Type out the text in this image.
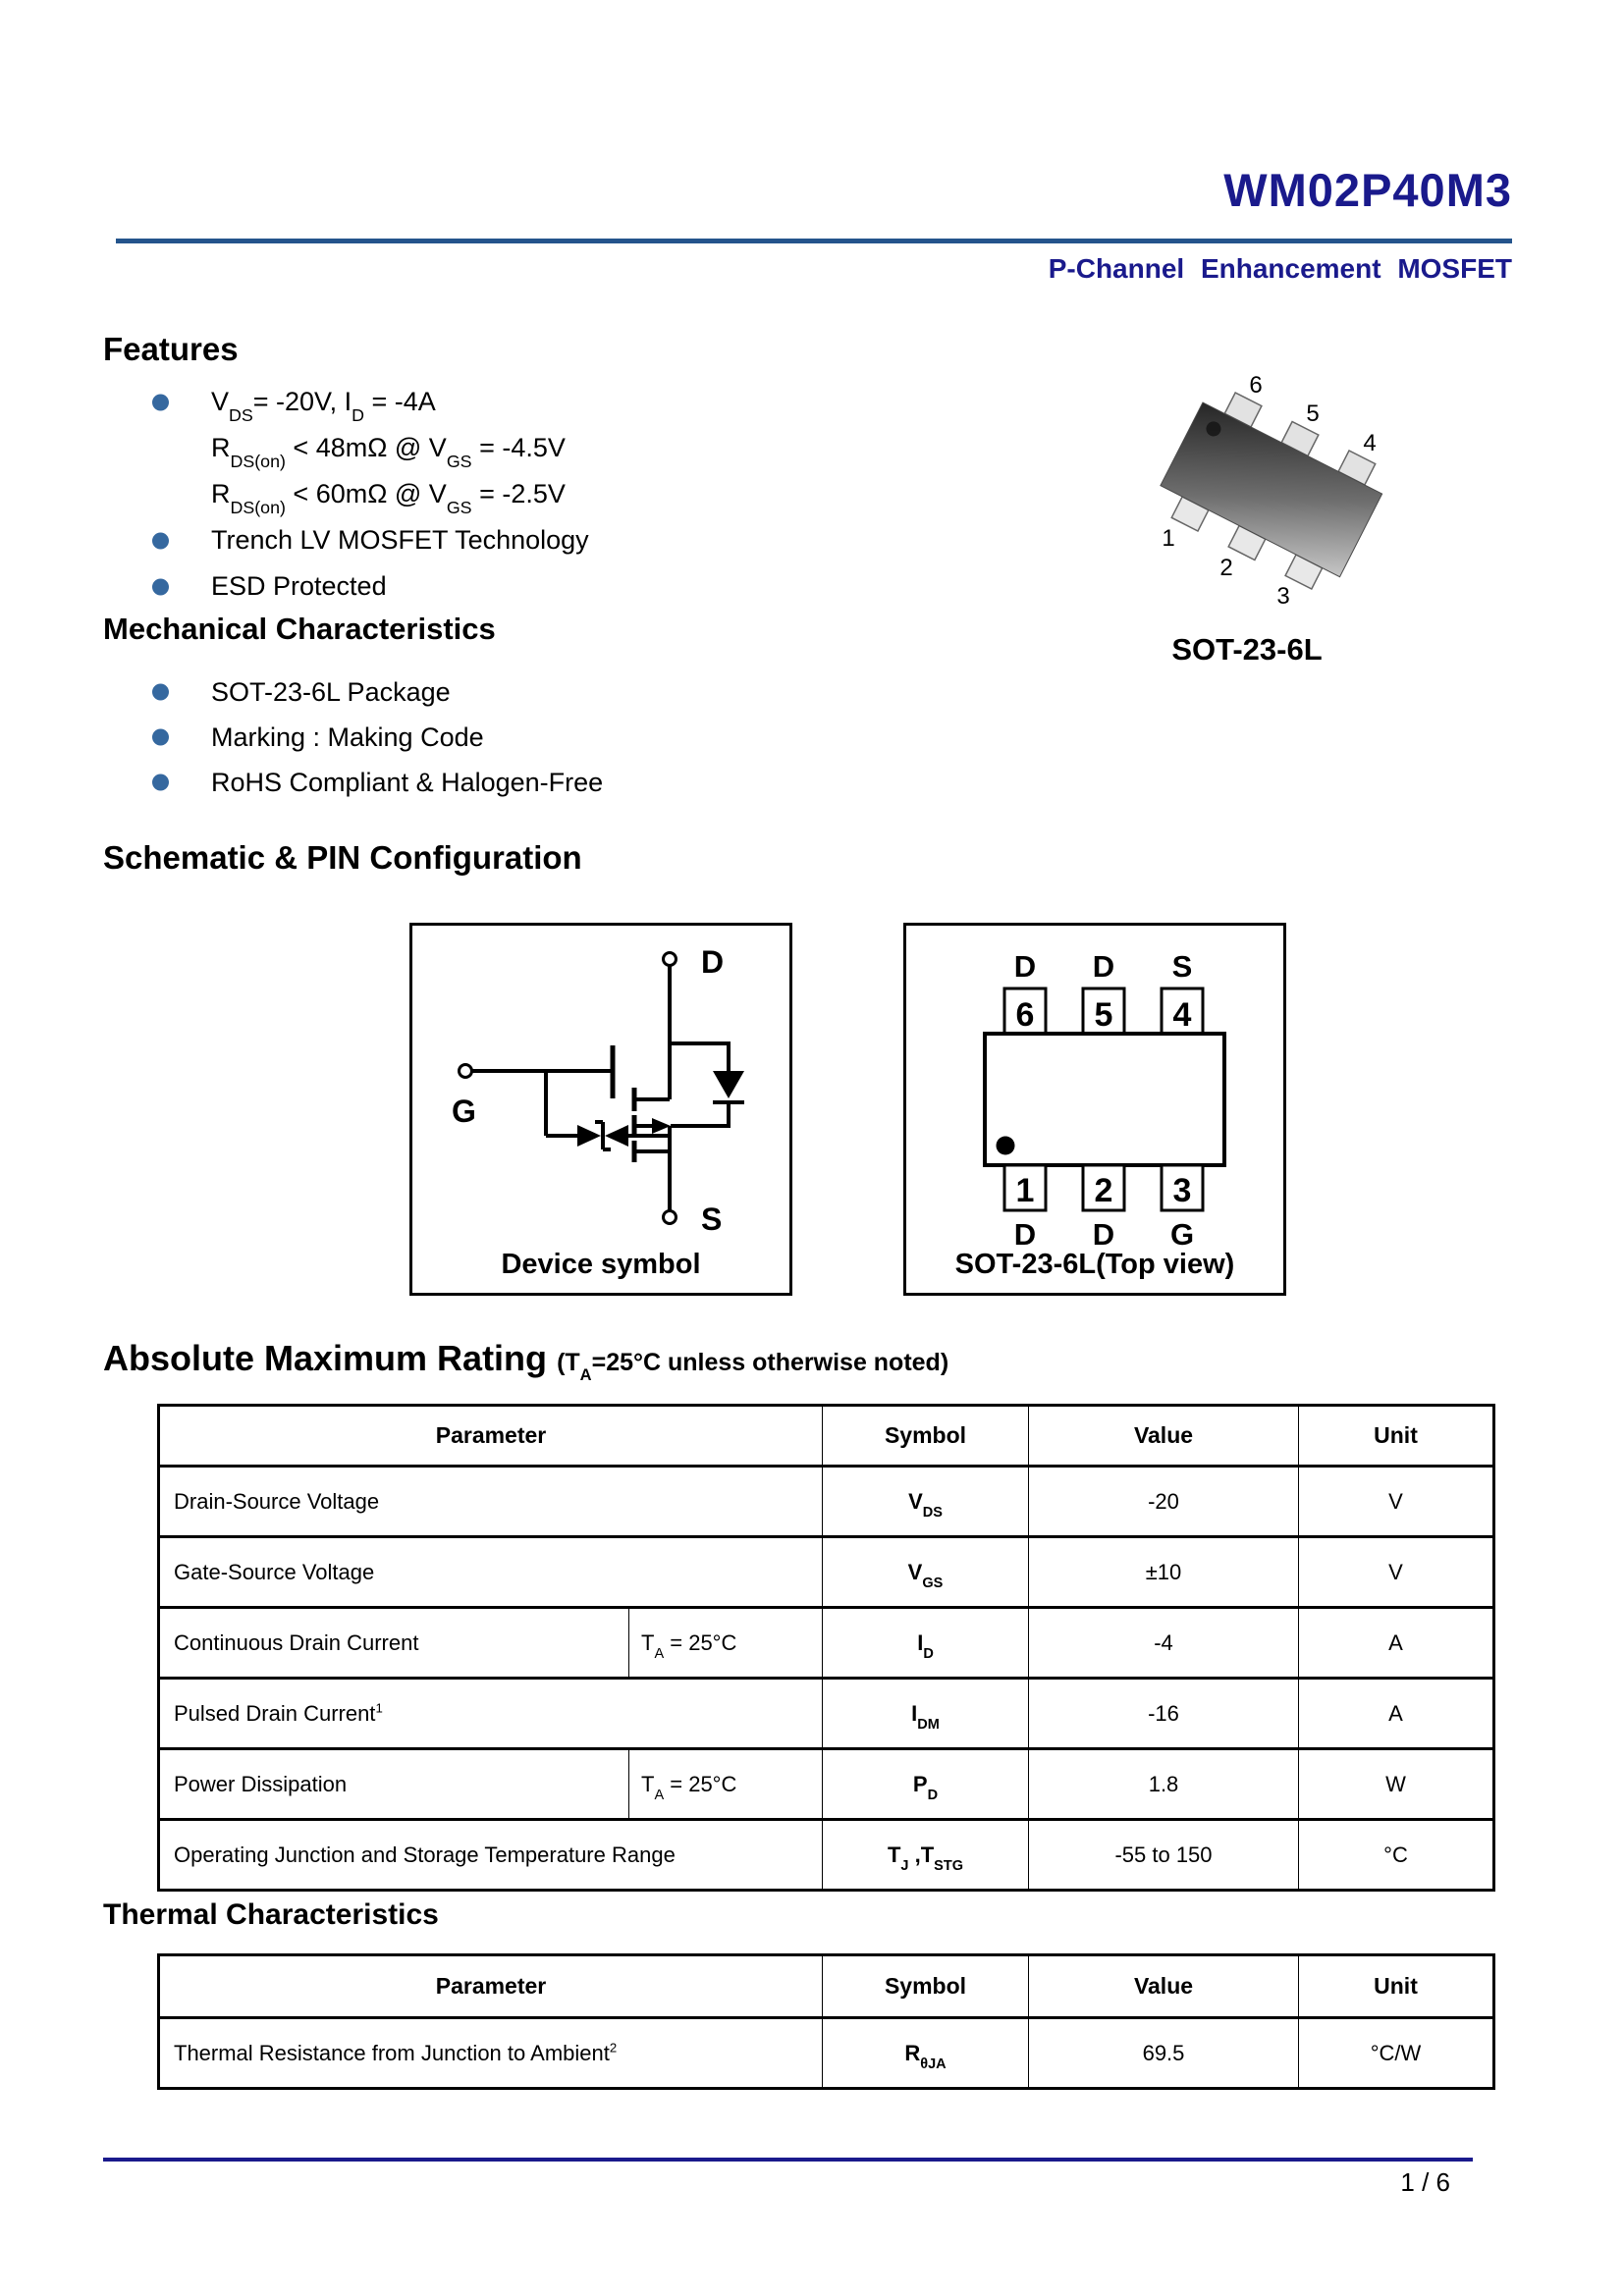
WM02P40M3
P-Channel Enhancement MOSFET
Features
$V_{DS}= -20V$, $I_D = -4A$
$R_{DS(on)} < 48m\Omega$ @ $V_{GS} = -4.5V$
$R_{DS(on)} < 60m\Omega$ @ $V_{GS} = -2.5V$
Trench LV MOSFET Technology
ESD Protected
6
5
4
1
2
3
SOT-23-6L
Mechanical Characteristics
SOT-23-6L Package
Marking : Making Code
RoHS Compliant & Halogen-Free
Schematic & PIN Configuration
D
G
S
Device symbol
D D S
6 5 4
1 2 3
D D G
SOT-23-6L(Top view)
Absolute Maximum Rating ($T_A=25^\circ C$ unless otherwise noted)
Parameter		Symbol	Value	Unit
Drain-Source Voltage		$V_{DS}$	-20	V
Gate-Source Voltage		$V_{GS}$	±10	V
Continuous Drain Current	$T_A = 25^\circ C$	$I_D$	-4	A
Pulsed Drain Current$^1$		$I_{DM}$	-16	A
Power Dissipation	$T_A = 25^\circ C$	$P_D$	1.8	W
Operating Junction and Storage Temperature Range		$T_J$ $,T_{STG}$	-55 to 150	°C
Thermal Characteristics
Parameter	Symbol	Value	Unit
Thermal Resistance from Junction to Ambient$^2$	$R_{\theta JA}$	69.5	°C/W
1 / 6
